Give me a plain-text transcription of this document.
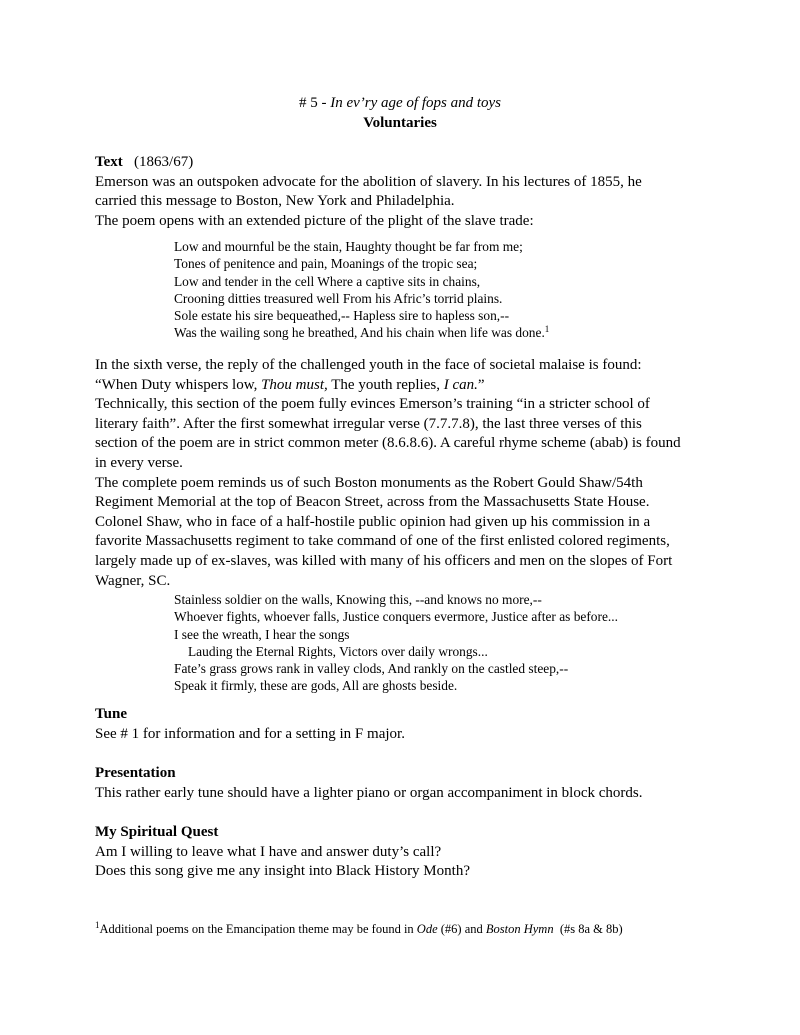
# 5 - In ev’ry age of fops and toys
Voluntaries
Text (1863/67)
Emerson was an outspoken advocate for the abolition of slavery. In his lectures of 1855, he
carried this message to Boston, New York and Philadelphia.
The poem opens with an extended picture of the plight of the slave trade:
Low and mournful be the stain, Haughty thought be far from me;
Tones of penitence and pain, Moanings of the tropic sea;
Low and tender in the cell Where a captive sits in chains,
Crooning ditties treasured well From his Afric’s torrid plains.
Sole estate his sire bequeathed,-- Hapless sire to hapless son,--
Was the wailing song he breathed, And his chain when life was done.$^1$
In the sixth verse, the reply of the challenged youth in the face of societal malaise is found:
“When Duty whispers low, Thou must, The youth replies, I can.”
Technically, this section of the poem fully evinces Emerson’s training “in a stricter school of
literary faith”. After the first somewhat irregular verse (7.7.7.8), the last three verses of this
section of the poem are in strict common meter (8.6.8.6). A careful rhyme scheme (abab) is found
in every verse.
The complete poem reminds us of such Boston monuments as the Robert Gould Shaw/54th
Regiment Memorial at the top of Beacon Street, across from the Massachusetts State House.
Colonel Shaw, who in face of a half-hostile public opinion had given up his commission in a
favorite Massachusetts regiment to take command of one of the first enlisted colored regiments,
largely made up of ex-slaves, was killed with many of his officers and men on the slopes of Fort
Wagner, SC.
Stainless soldier on the walls, Knowing this, --and knows no more,--
Whoever fights, whoever falls, Justice conquers evermore, Justice after as before...
I see the wreath, I hear the songs
Lauding the Eternal Rights, Victors over daily wrongs...
Fate’s grass grows rank in valley clods, And rankly on the castled steep,--
Speak it firmly, these are gods, All are ghosts beside.
Tune
See # 1 for information and for a setting in F major.
Presentation
This rather early tune should have a lighter piano or organ accompaniment in block chords.
My Spiritual Quest
Am I willing to leave what I have and answer duty’s call?
Does this song give me any insight into Black History Month?
$^1$Additional poems on the Emancipation theme may be found in Ode (#6) and Boston Hymn  (#s 8a & 8b)
